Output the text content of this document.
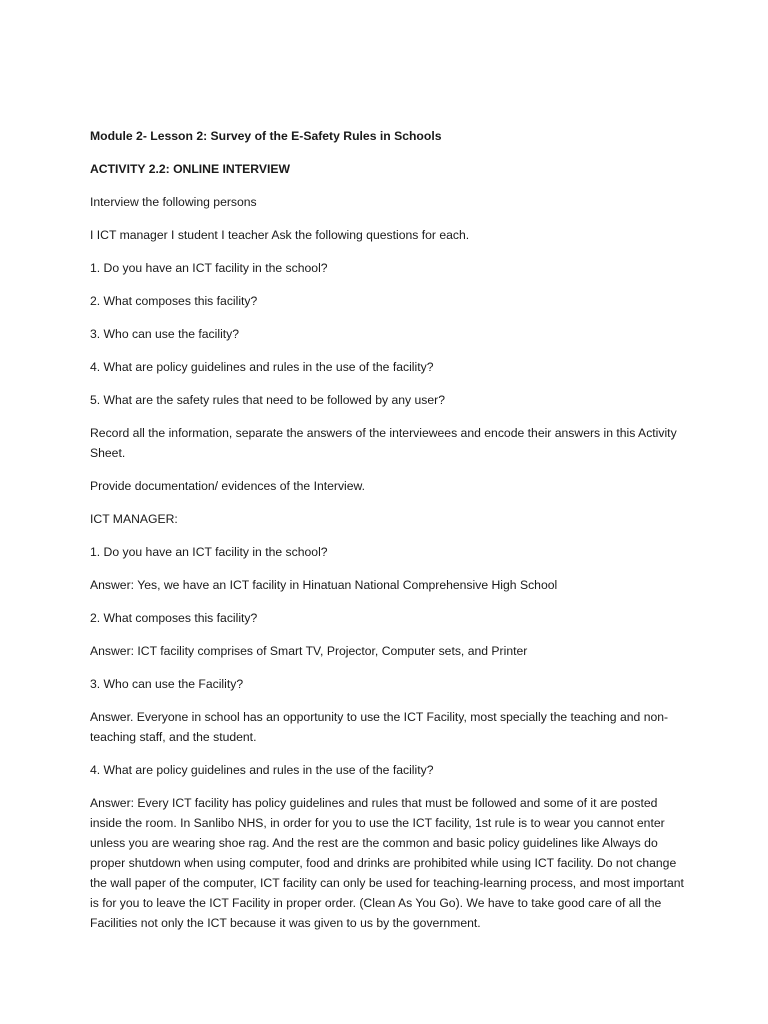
Module 2- Lesson 2: Survey of the E-Safety Rules in Schools

ACTIVITY 2.2: ONLINE INTERVIEW

Interview the following persons

I ICT manager I student I teacher Ask the following questions for each.

1. Do you have an ICT facility in the school?

2. What composes this facility?

3. Who can use the facility?

4. What are policy guidelines and rules in the use of the facility?

5. What are the safety rules that need to be followed by any user?

Record all the information, separate the answers of the interviewees and encode their answers in this Activity Sheet.

Provide documentation/ evidences of the Interview.

ICT MANAGER:

1. Do you have an ICT facility in the school?

Answer: Yes, we have an ICT facility in Hinatuan National Comprehensive High School

2. What composes this facility?

Answer: ICT facility comprises of Smart TV, Projector, Computer sets, and Printer

3. Who can use the Facility?

Answer. Everyone in school has an opportunity to use the ICT Facility, most specially the teaching and non-teaching staff, and the student.

4. What are policy guidelines and rules in the use of the facility?

Answer: Every ICT facility has policy guidelines and rules that must be followed and some of it are posted inside the room. In Sanlibo NHS, in order for you to use the ICT facility, 1st rule is to wear you cannot enter unless you are wearing shoe rag. And the rest are the common and basic policy guidelines like Always do proper shutdown when using computer, food and drinks are prohibited while using ICT facility. Do not change the wall paper of the computer, ICT facility can only be used for teaching-learning process, and most important is for you to leave the ICT Facility in proper order. (Clean As You Go). We have to take good care of all the Facilities not only the ICT because it was given to us by the government.
